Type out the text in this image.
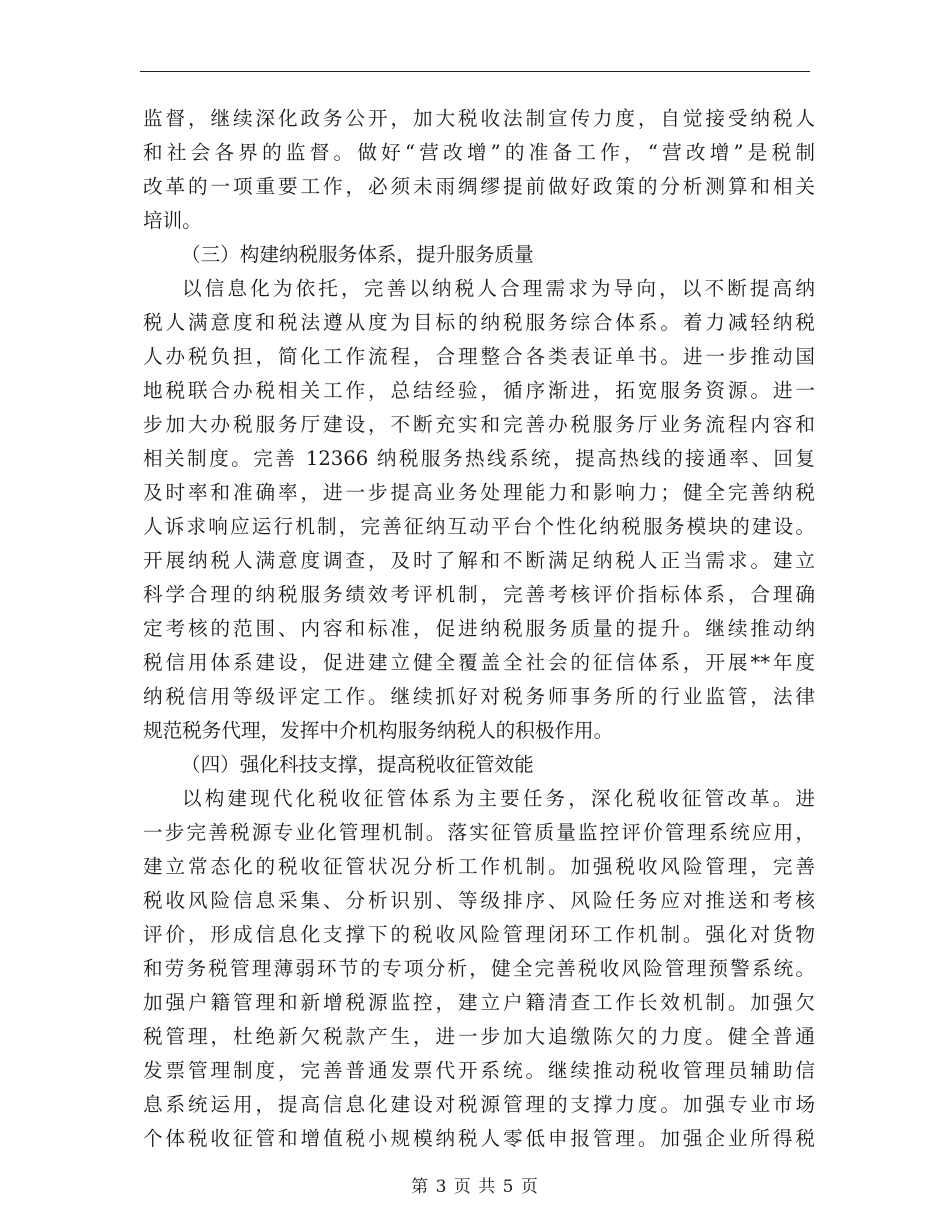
监督，继续深化政务公开，加大税收法制宣传力度，自觉接受纳税人
和社会各界的监督。做好“营改增”的准备工作，“营改增”是税制
改革的一项重要工作，必须未雨绸缪提前做好政策的分析测算和相关
培训。
（三）构建纳税服务体系，提升服务质量
以信息化为依托，完善以纳税人合理需求为导向，以不断提高纳
税人满意度和税法遵从度为目标的纳税服务综合体系。着力减轻纳税
人办税负担，简化工作流程，合理整合各类表证单书。进一步推动国
地税联合办税相关工作，总结经验，循序渐进，拓宽服务资源。进一
步加大办税服务厅建设，不断充实和完善办税服务厅业务流程内容和
相关制度。完善 12366 纳税服务热线系统，提高热线的接通率、回复
及时率和准确率，进一步提高业务处理能力和影响力；健全完善纳税
人诉求响应运行机制，完善征纳互动平台个性化纳税服务模块的建设。
开展纳税人满意度调查，及时了解和不断满足纳税人正当需求。建立
科学合理的纳税服务绩效考评机制，完善考核评价指标体系，合理确
定考核的范围、内容和标准，促进纳税服务质量的提升。继续推动纳
税信用体系建设，促进建立健全覆盖全社会的征信体系，开展**年度
纳税信用等级评定工作。继续抓好对税务师事务所的行业监管，法律
规范税务代理，发挥中介机构服务纳税人的积极作用。
（四）强化科技支撑，提高税收征管效能
以构建现代化税收征管体系为主要任务，深化税收征管改革。进
一步完善税源专业化管理机制。落实征管质量监控评价管理系统应用，
建立常态化的税收征管状况分析工作机制。加强税收风险管理，完善
税收风险信息采集、分析识别、等级排序、风险任务应对推送和考核
评价，形成信息化支撑下的税收风险管理闭环工作机制。强化对货物
和劳务税管理薄弱环节的专项分析，健全完善税收风险管理预警系统。
加强户籍管理和新增税源监控，建立户籍清查工作长效机制。加强欠
税管理，杜绝新欠税款产生，进一步加大追缴陈欠的力度。健全普通
发票管理制度，完善普通发票代开系统。继续推动税收管理员辅助信
息系统运用，提高信息化建设对税源管理的支撑力度。加强专业市场
个体税收征管和增值税小规模纳税人零低申报管理。加强企业所得税
第 3 页 共 5 页
